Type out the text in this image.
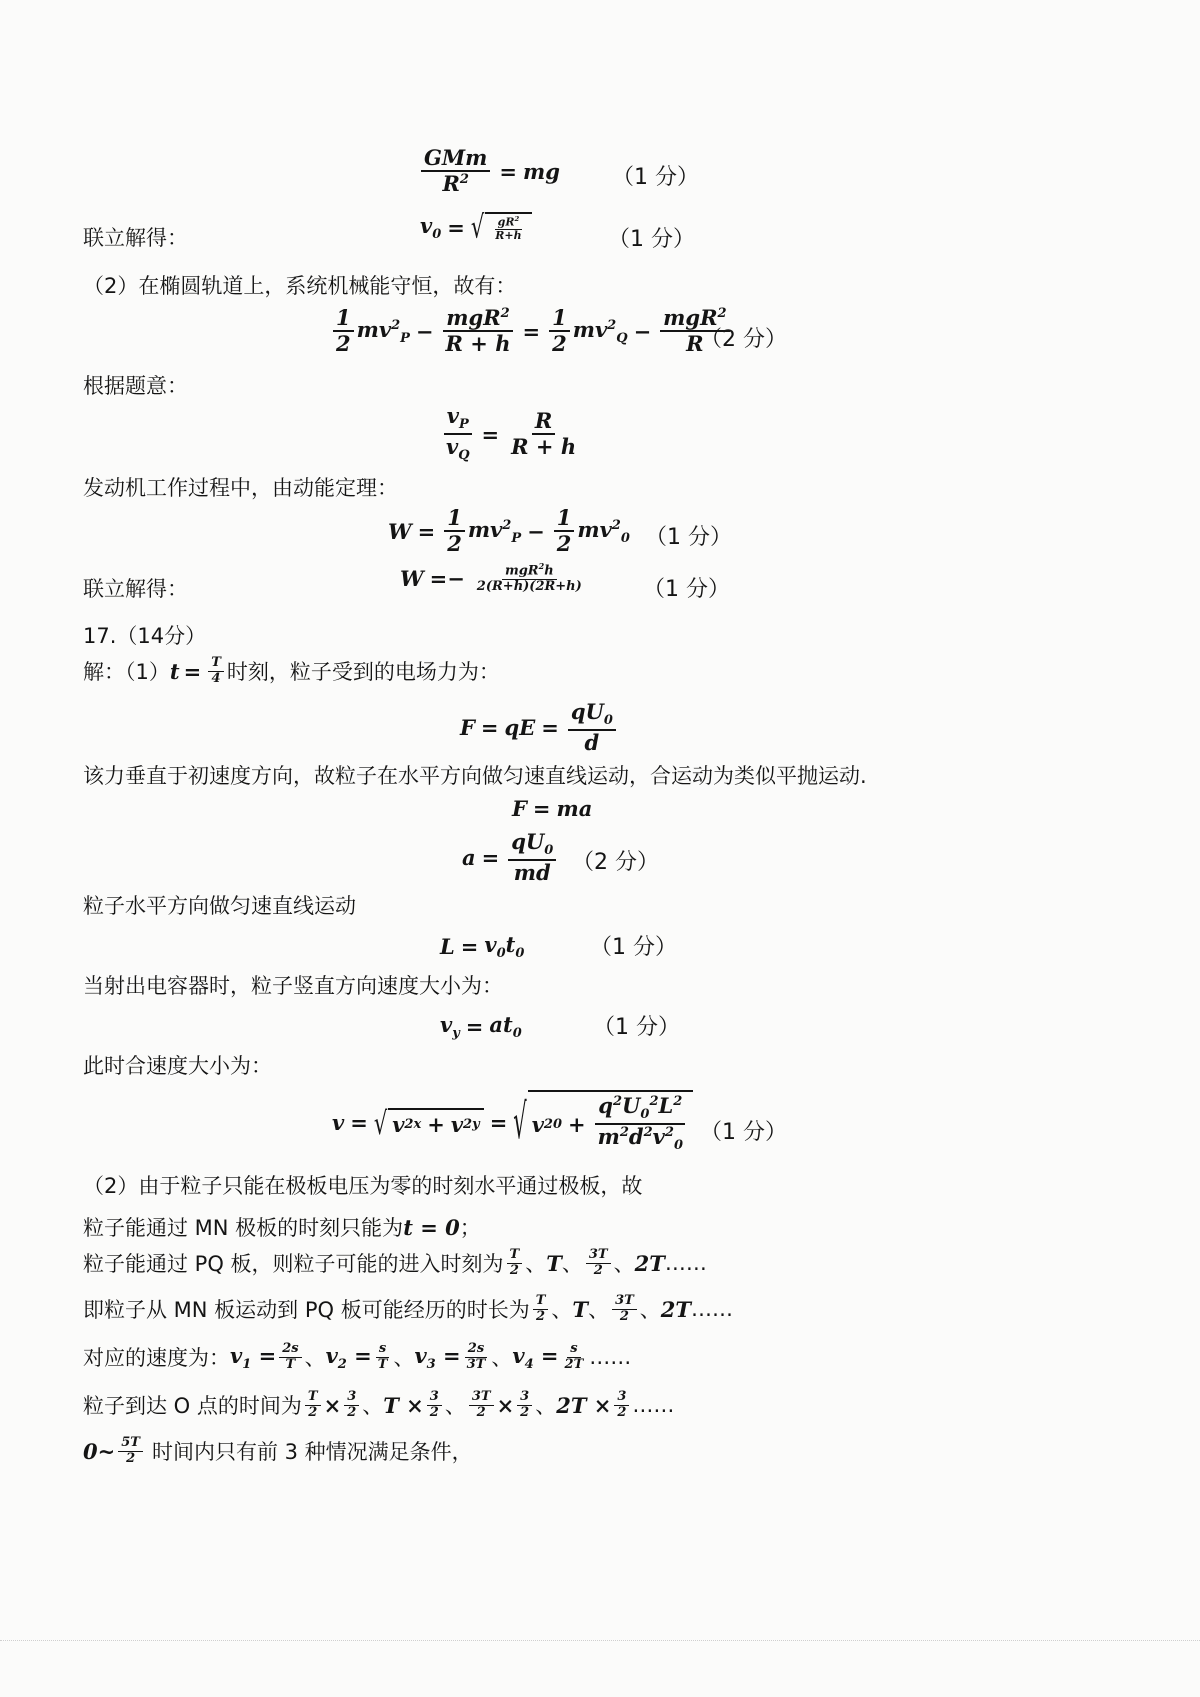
$\frac{\text{GMm}}{R^2}$ = mg （1 分）
联立解得：
$v_0$ = √ $\frac{gR^2}{R+h}$	（1 分）
（2）在椭圆轨道上，系统机械能守恒，故有：
$\frac{1}{2} mv^2_P - \frac{mgR^2}{R + h} = \frac{1}{2} mv^2_Q - \frac{mgR^2}{R}$
（2 分）
根据题意：
$\frac{v_P}{v_Q} = \frac{R}{R + h}$
发动机工作过程中，由动能定理：
$W = \frac{1}{2} mv^2_P - \frac{1}{2} mv^2_0$ （1 分）
联立解得：	$W =- \frac{mgR^2h}{2(R+h)(2R+h)}$	（1 分）
17.（14分）
解：（1） $t = \frac{T}{4}$ 时刻，粒子受到的电场力为：
F = qE = $\frac{qU_0}{d}$
该力垂直于初速度方向，故粒子在水平方向做匀速直线运动，合运动为类似平抛运动.
F = ma
$a = \frac{qU_0}{md} (2$ 分）
粒子水平方向做匀速直线运动
$L = v_0t_0$	（1 分）
当射出电容器时，粒子竖直方向速度大小为：
$v_y = at_0$	（1 分）
此时合速度大小为：
v = √ v 2 x + v 2 y = √ v 2 $0 + \frac{q^2U_0^2L^2}{m^2d^2v^2_0} (1$ 分）
（2）由于粒子只能在极板电压为零的时刻水平通过极板，故
粒子能通过 MN 极板的时刻只能为 t = 0 ；
粒子能通过 PQ 板，则粒子可能的进入时刻为 $\frac{T}{2}$ 、 T 、 $\frac{3T}{2}$ 、 2T ……
即粒子从 MN 板运动到 PQ 板可能经历的时长为 $\frac{T}{2}$ 、 T 、 $\frac{3T}{2}$ 、 2T ……
对应的速度为： $v_1 = \frac{2s}{T}$ 、 $v_2 = \frac{s}{T}$ 、 $v_3 = \frac{2s}{3T}$ 、 $v_4 = \frac{s}{2T}$ ……
粒子到达 O 点的时间为 $\frac{T}{2} \times \frac{3}{2}$ 、 $T \times \frac{3}{2}$ 、 $\frac{3T}{2} \times \frac{3}{2}$ 、 $2T \times \frac{3}{2}$ ……
0~ $\frac{5T}{2}$ 时间内只有前 3 种情况满足条件，
